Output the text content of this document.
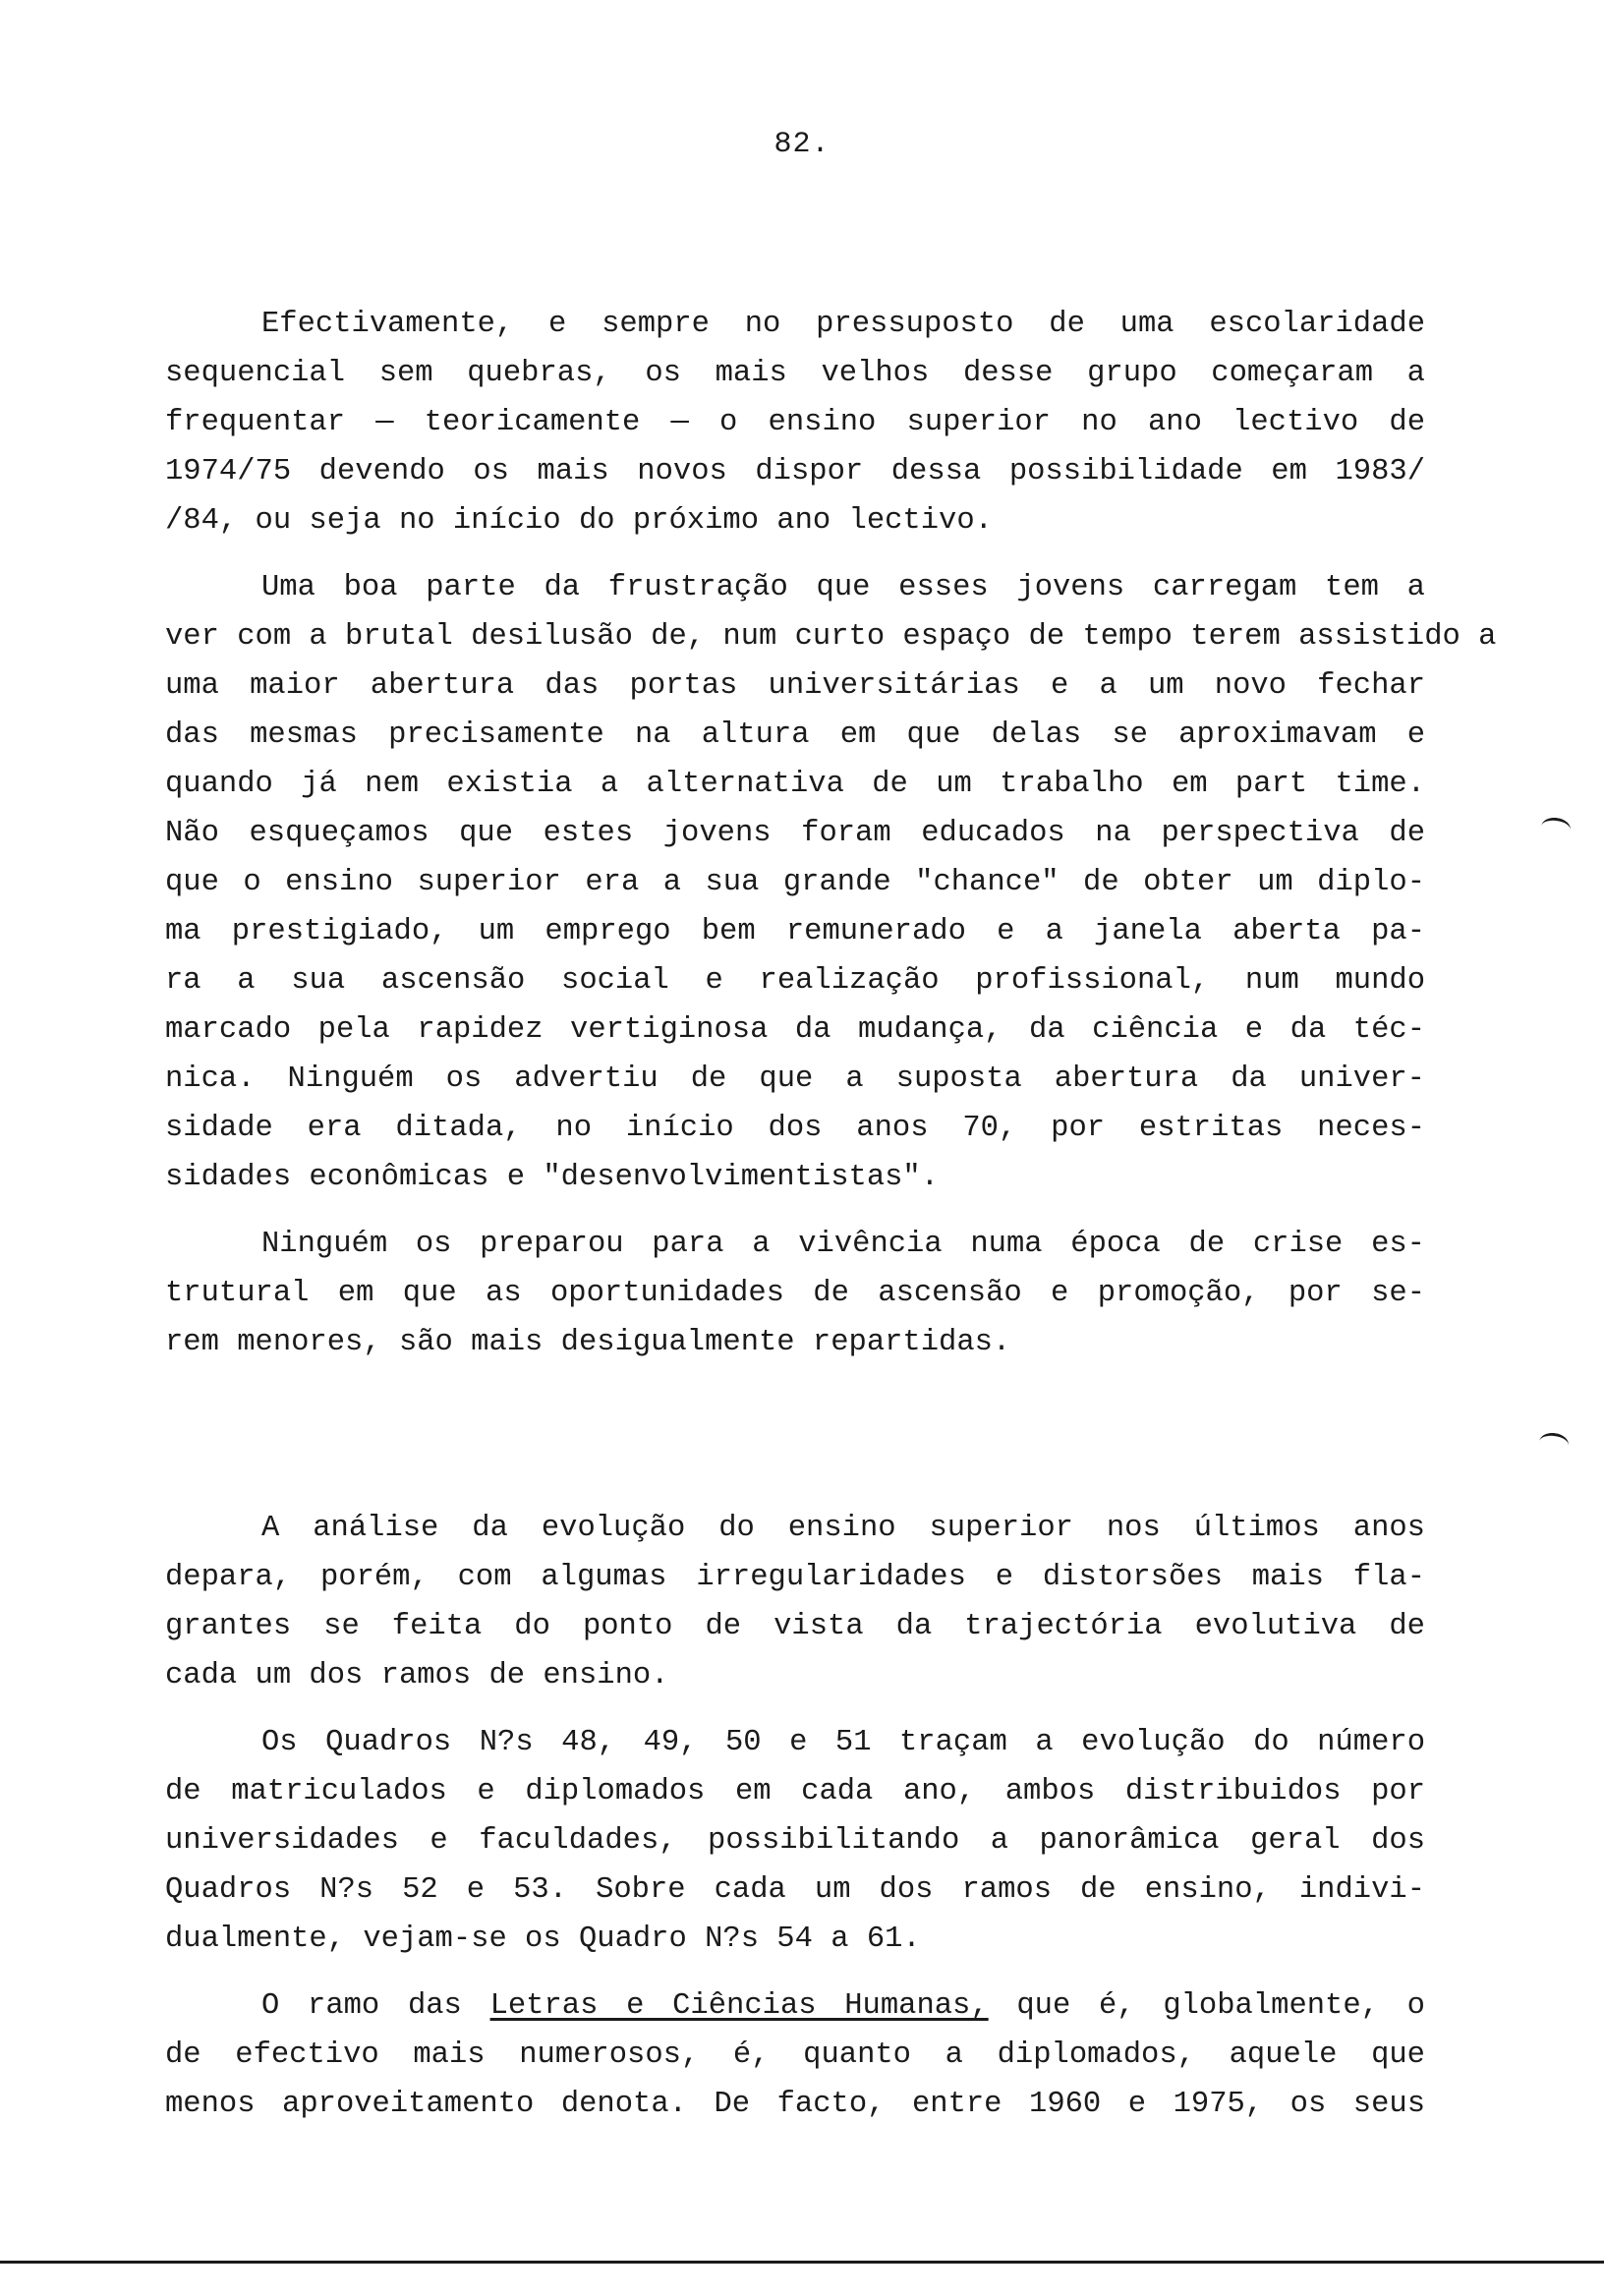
82.
Efectivamente, e sempre no pressuposto de uma escolaridade
sequencial sem quebras, os mais velhos desse grupo começaram a
frequentar — teoricamente — o ensino superior no ano lectivo de
1974/75 devendo os mais novos dispor dessa possibilidade em 1983/
/84, ou seja no início do próximo ano lectivo.
Uma boa parte da frustração que esses jovens carregam tem a
ver com a brutal desilusão de, num curto espaço de tempo terem assistido a
uma maior abertura das portas universitárias e a um novo fechar
das mesmas precisamente na altura em que delas se aproximavam e
quando já nem existia a alternativa de um trabalho em part time.
Não esqueçamos que estes jovens foram educados na perspectiva de
que o ensino superior era a sua grande "chance" de obter um diplo-
ma prestigiado, um emprego bem remunerado e a janela aberta pa-
ra a sua ascensão social e realização profissional, num mundo
marcado pela rapidez vertiginosa da mudança, da ciência e da téc-
nica. Ninguém os advertiu de que a suposta abertura da univer-
sidade era ditada, no início dos anos 70, por estritas neces-
sidades econômicas e "desenvolvimentistas".
Ninguém os preparou para a vivência numa época de crise es-
trutural em que as oportunidades de ascensão e promoção, por se-
rem menores, são mais desigualmente repartidas.
A análise da evolução do ensino superior nos últimos anos
depara, porém, com algumas irregularidades e distorsões mais fla-
grantes se feita do ponto de vista da trajectória evolutiva de
cada um dos ramos de ensino.
Os Quadros N?s 48, 49, 50 e 51 traçam a evolução do número
de matriculados e diplomados em cada ano, ambos distribuidos por
universidades e faculdades, possibilitando a panorâmica geral dos
Quadros N?s 52 e 53. Sobre cada um dos ramos de ensino, indivi-
dualmente, vejam-se os Quadro N?s 54 a 61.
O ramo das Letras e Ciências Humanas, que é, globalmente, o
de efectivo mais numerosos, é, quanto a diplomados, aquele que
menos aproveitamento denota. De facto, entre 1960 e 1975, os seus
